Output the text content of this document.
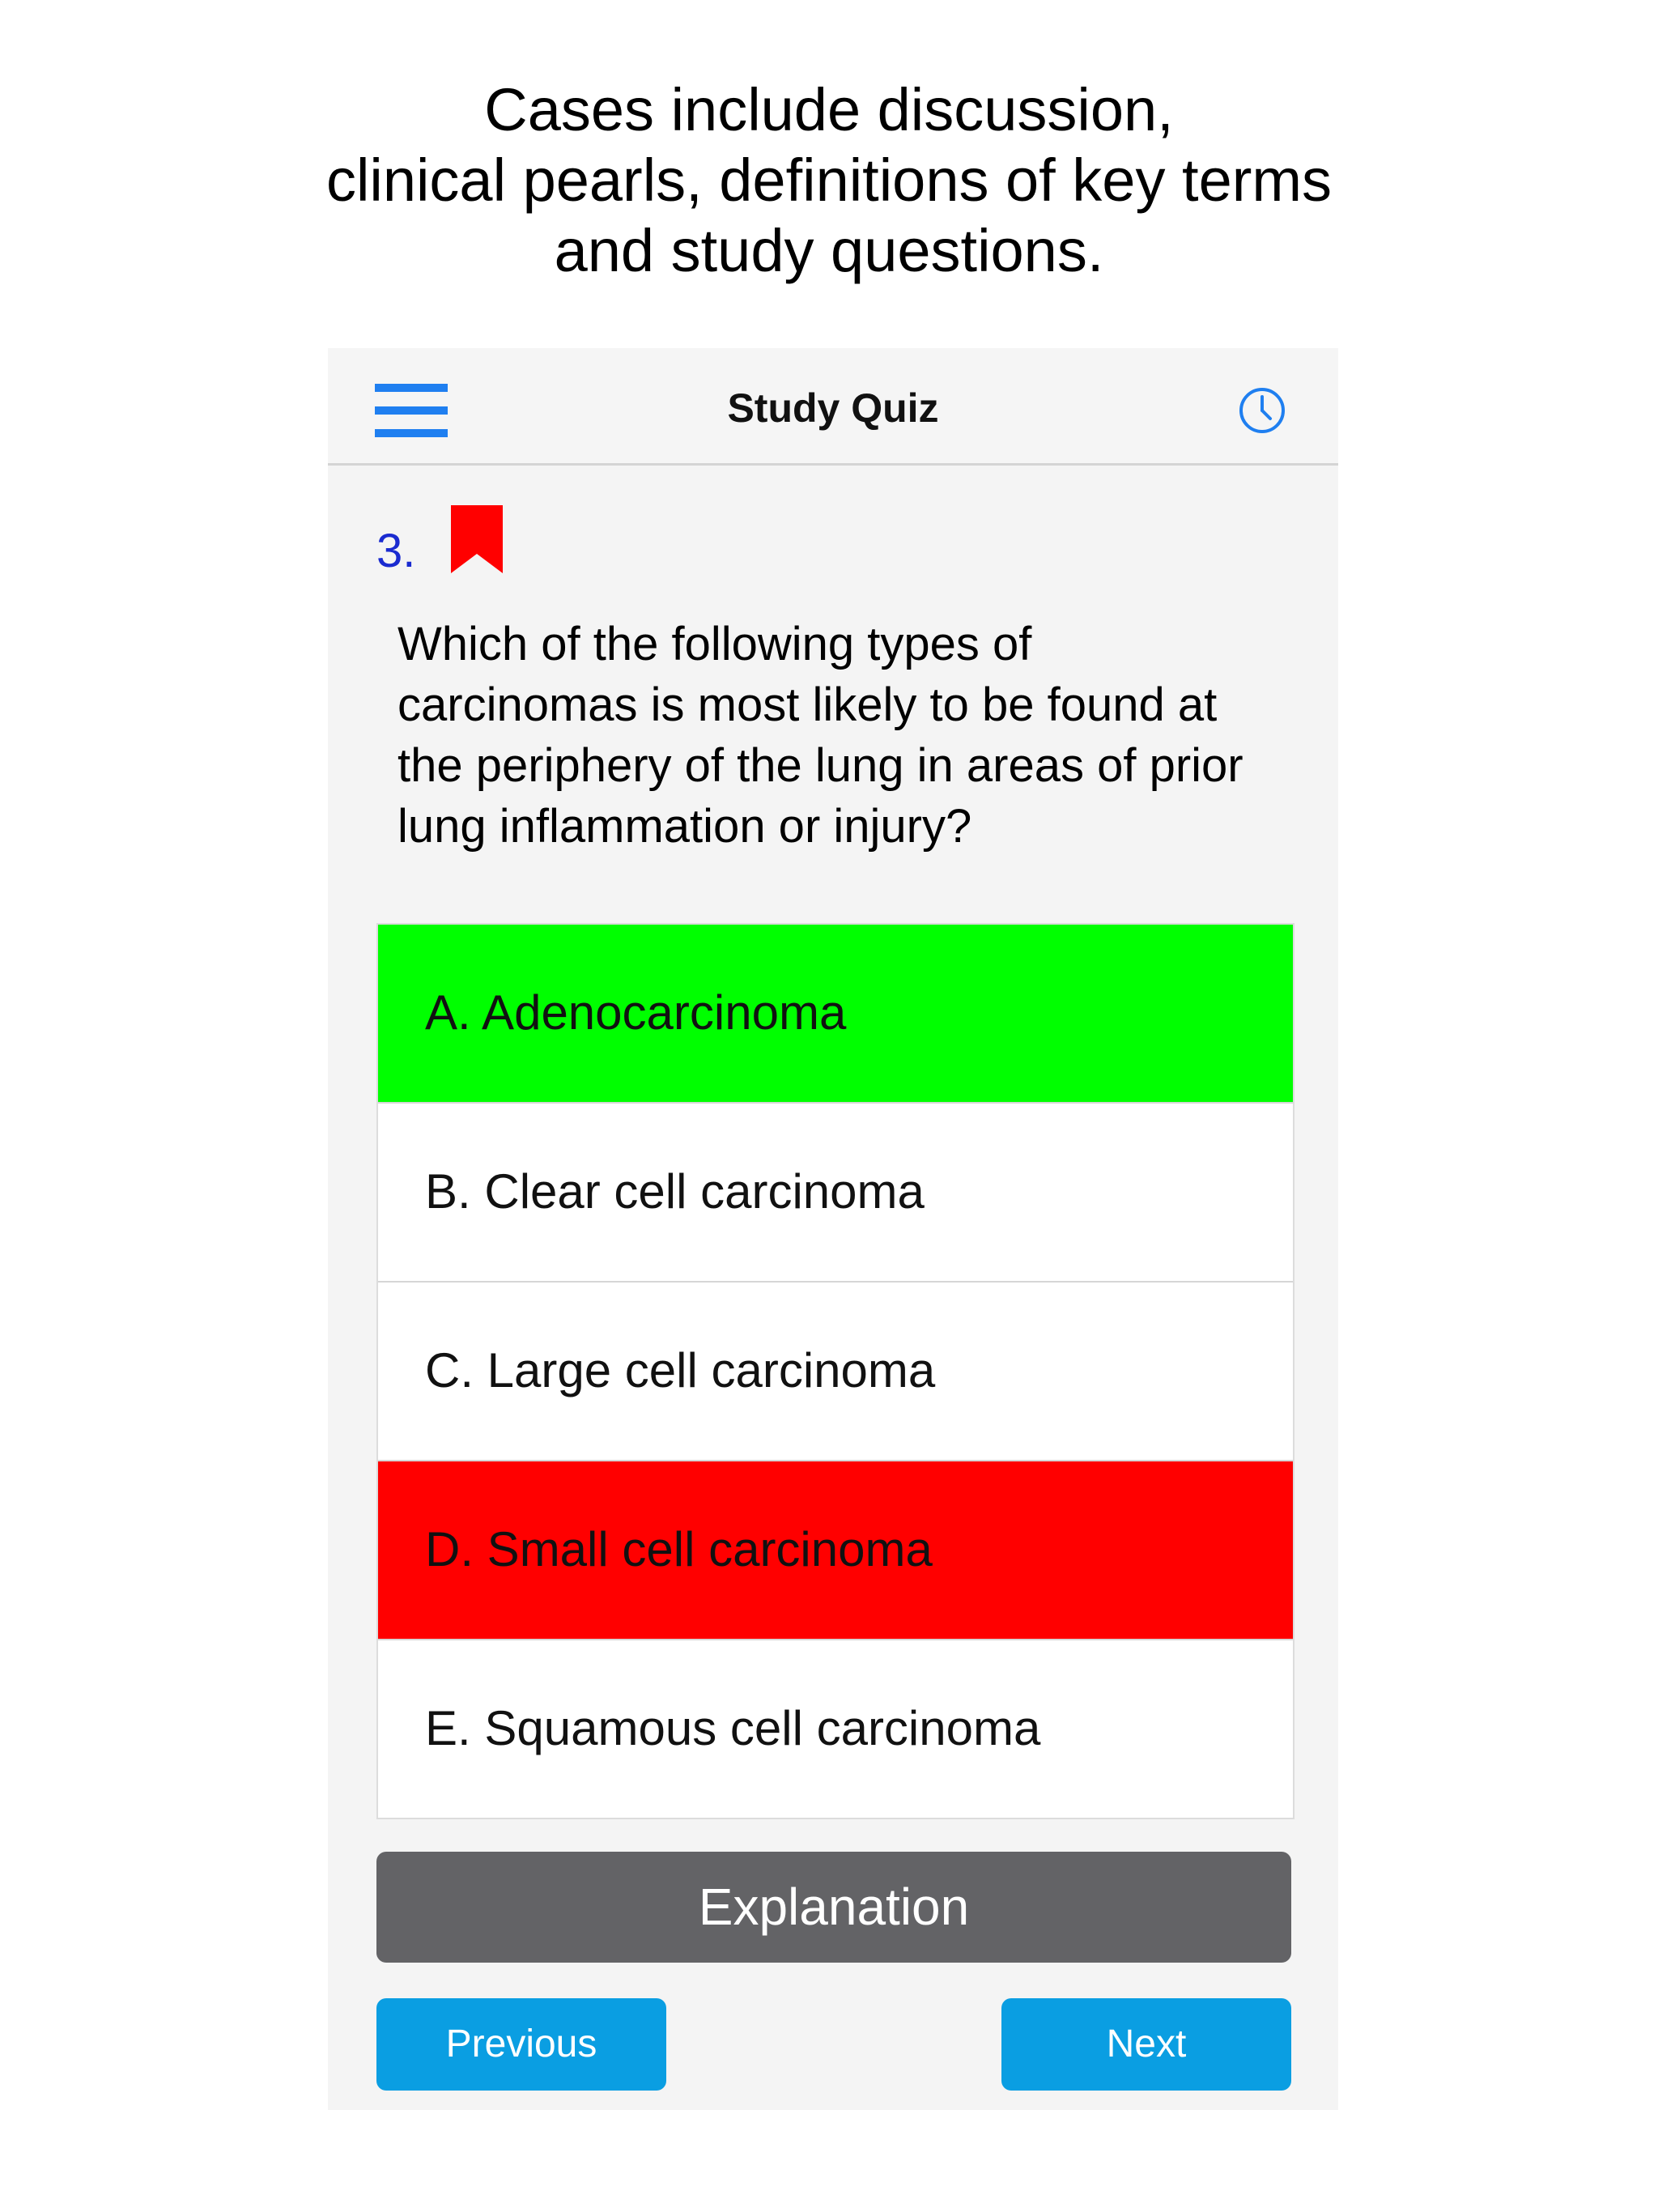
Cases include discussion,
clinical pearls, definitions of key terms
and study questions.
Study Quiz
3.
Which of the following types of carcinomas is most likely to be found at the periphery of the lung in areas of prior lung inflammation or injury?
A. Adenocarcinoma
B. Clear cell carcinoma
C. Large cell carcinoma
D. Small cell carcinoma
E. Squamous cell carcinoma
Explanation
Previous	Next
